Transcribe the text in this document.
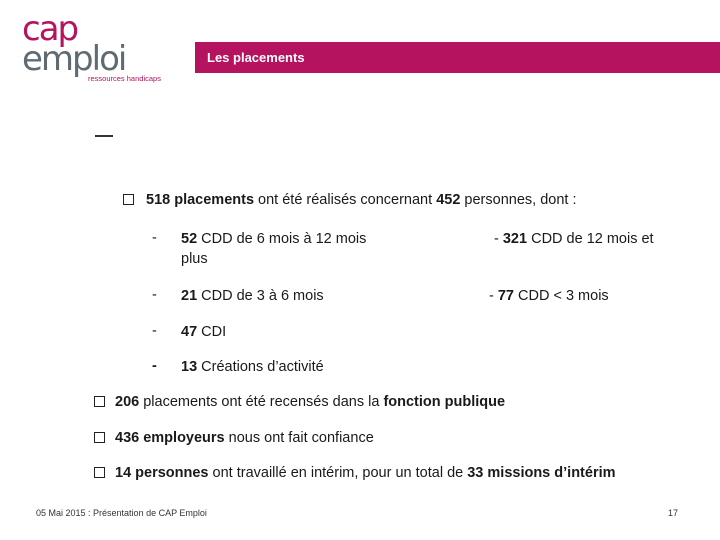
cap
emploi
ressources handicaps
Les placements
518 placements ont été réalisés concernant 452 personnes, dont :
- 52 CDD de 6 mois à 12 mois
plus
- 21 CDD de 3 à 6 mois
- 47 CDI
- 13 Créations d’activité
- 321 CDD de 12 mois et
- 77 CDD < 3 mois
206 placements ont été recensés dans la fonction publique
436 employeurs nous ont fait confiance
14 personnes ont travaillé en intérim, pour un total de 33 missions d’intérim
05 Mai 2015 : Présentation de CAP Emploi	17
